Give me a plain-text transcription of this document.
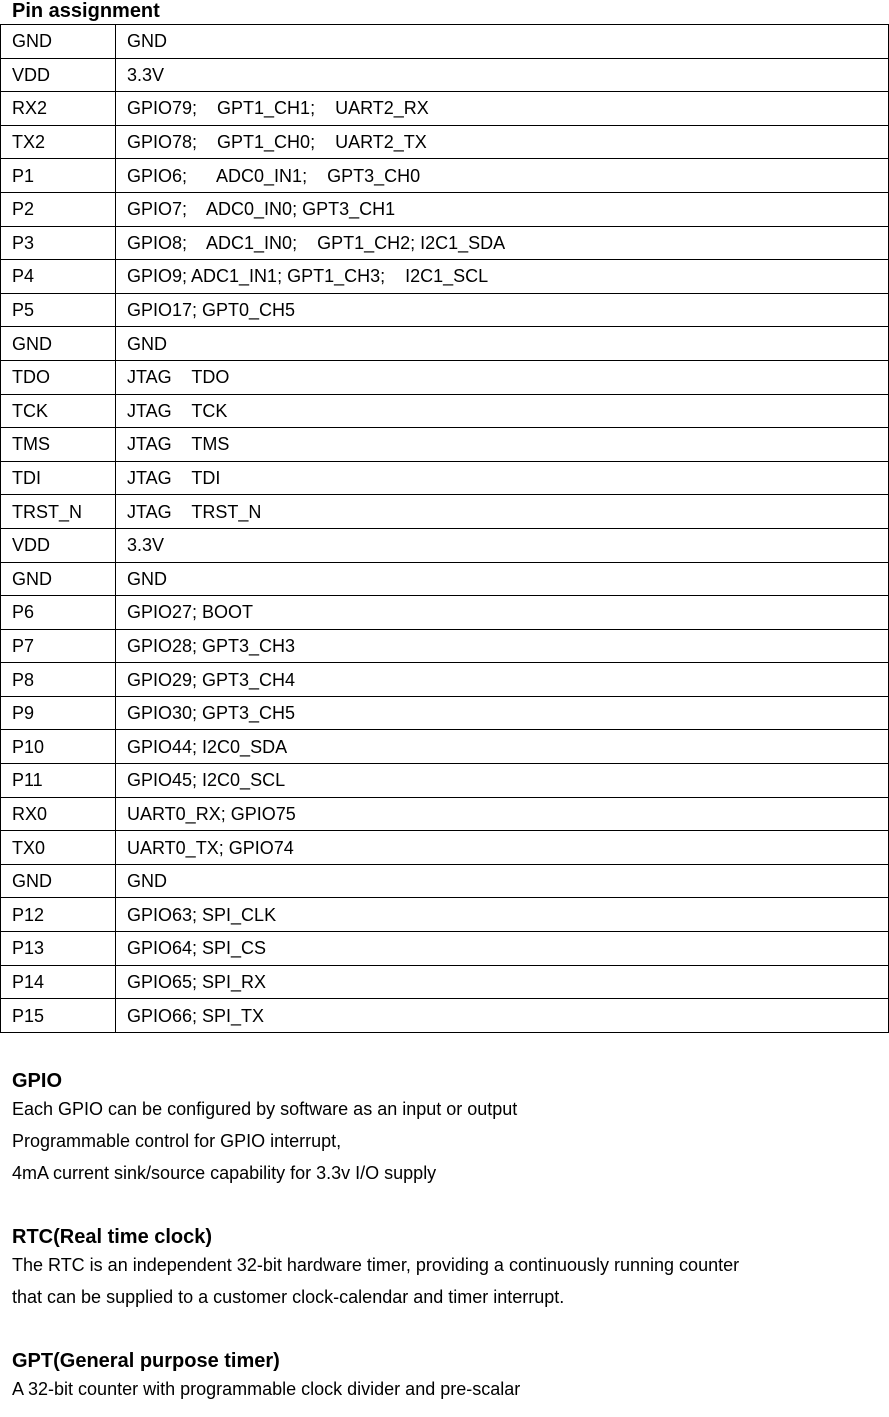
Pin assignment
GND	GND
VDD	3.3V
RX2	GPIO79;    GPT1_CH1;    UART2_RX
TX2	GPIO78;    GPT1_CH0;    UART2_TX
P1	GPIO6;      ADC0_IN1;    GPT3_CH0
P2	GPIO7;    ADC0_IN0; GPT3_CH1
P3	GPIO8;    ADC1_IN0;    GPT1_CH2; I2C1_SDA
P4	GPIO9; ADC1_IN1; GPT1_CH3;    I2C1_SCL
P5	GPIO17; GPT0_CH5
GND	GND
TDO	JTAG    TDO
TCK	JTAG    TCK
TMS	JTAG    TMS
TDI	JTAG    TDI
TRST_N	JTAG    TRST_N
VDD	3.3V
GND	GND
P6	GPIO27; BOOT
P7	GPIO28; GPT3_CH3
P8	GPIO29; GPT3_CH4
P9	GPIO30; GPT3_CH5
P10	GPIO44; I2C0_SDA
P11	GPIO45; I2C0_SCL
RX0	UART0_RX; GPIO75
TX0	UART0_TX; GPIO74
GND	GND
P12	GPIO63; SPI_CLK
P13	GPIO64; SPI_CS
P14	GPIO65; SPI_RX
P15	GPIO66; SPI_TX
GPIO
Each GPIO can be configured by software as an input or output
Programmable control for GPIO interrupt,
4mA current sink/source capability for 3.3v I/O supply
RTC(Real time clock)
The RTC is an independent 32-bit hardware timer, providing a continuously running counter
that can be supplied to a customer clock-calendar and timer interrupt.
GPT(General purpose timer)
A 32-bit counter with programmable clock divider and pre-scalar
